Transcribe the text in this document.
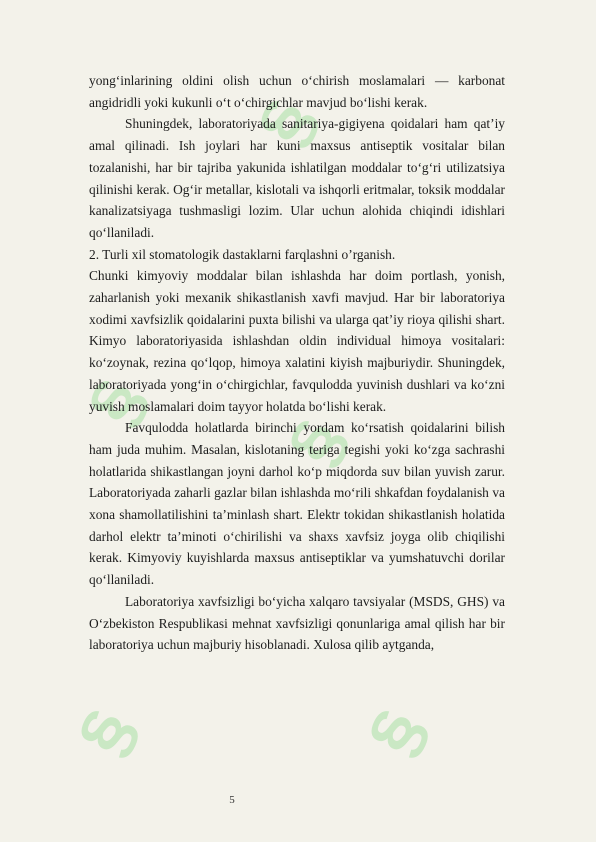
§
§
§
§
§

yong‘inlarining oldini olish uchun o‘chirish moslamalari — karbonat angidridli yoki kukunli o‘t o‘chirgichlar mavjud bo‘lishi kerak.

Shuningdek, laboratoriyada sanitariya-gigiyena qoidalari ham qat’iy amal qilinadi. Ish joylari har kuni maxsus antiseptik vositalar bilan tozalanishi, har bir tajriba yakunida ishlatilgan moddalar to‘g‘ri utilizatsiya qilinishi kerak. Og‘ir metallar, kislotali va ishqorli eritmalar, toksik moddalar kanalizatsiyaga tushmasligi lozim. Ular uchun alohida chiqindi idishlari qo‘llaniladi.

2. Turli xil stomatologik dastaklarni farqlashni o’rganish.

Chunki kimyoviy moddalar bilan ishlashda har doim portlash, yonish, zaharlanish yoki mexanik shikastlanish xavfi mavjud. Har bir laboratoriya xodimi xavfsizlik qoidalarini puxta bilishi va ularga qat’iy rioya qilishi shart. Kimyo laboratoriyasida ishlashdan oldin individual himoya vositalari: ko‘zoynak, rezina qo‘lqop, himoya xalatini kiyish majburiydir. Shuningdek, laboratoriyada yong‘in o‘chirgichlar, favqulodda yuvinish dushlari va ko‘zni yuvish moslamalari doim tayyor holatda bo‘lishi kerak.

Favqulodda holatlarda birinchi yordam ko‘rsatish qoidalarini bilish ham juda muhim. Masalan, kislotaning teriga tegishi yoki ko‘zga sachrashi holatlarida shikastlangan joyni darhol ko‘p miqdorda suv bilan yuvish zarur. Laboratoriyada zaharli gazlar bilan ishlashda mo‘rili shkafdan foydalanish va xona shamollatilishini ta’minlash shart. Elektr tokidan shikastlanish holatida darhol elektr ta’minoti o‘chirilishi va shaxs xavfsiz joyga olib chiqilishi kerak. Kimyoviy kuyishlarda maxsus antiseptiklar va yumshatuvchi dorilar qo‘llaniladi.

Laboratoriya xavfsizligi bo‘yicha xalqaro tavsiyalar (MSDS, GHS) va O‘zbekiston Respublikasi mehnat xavfsizligi qonunlariga amal qilish har bir laboratoriya uchun majburiy hisoblanadi. Xulosa qilib aytganda,

5
